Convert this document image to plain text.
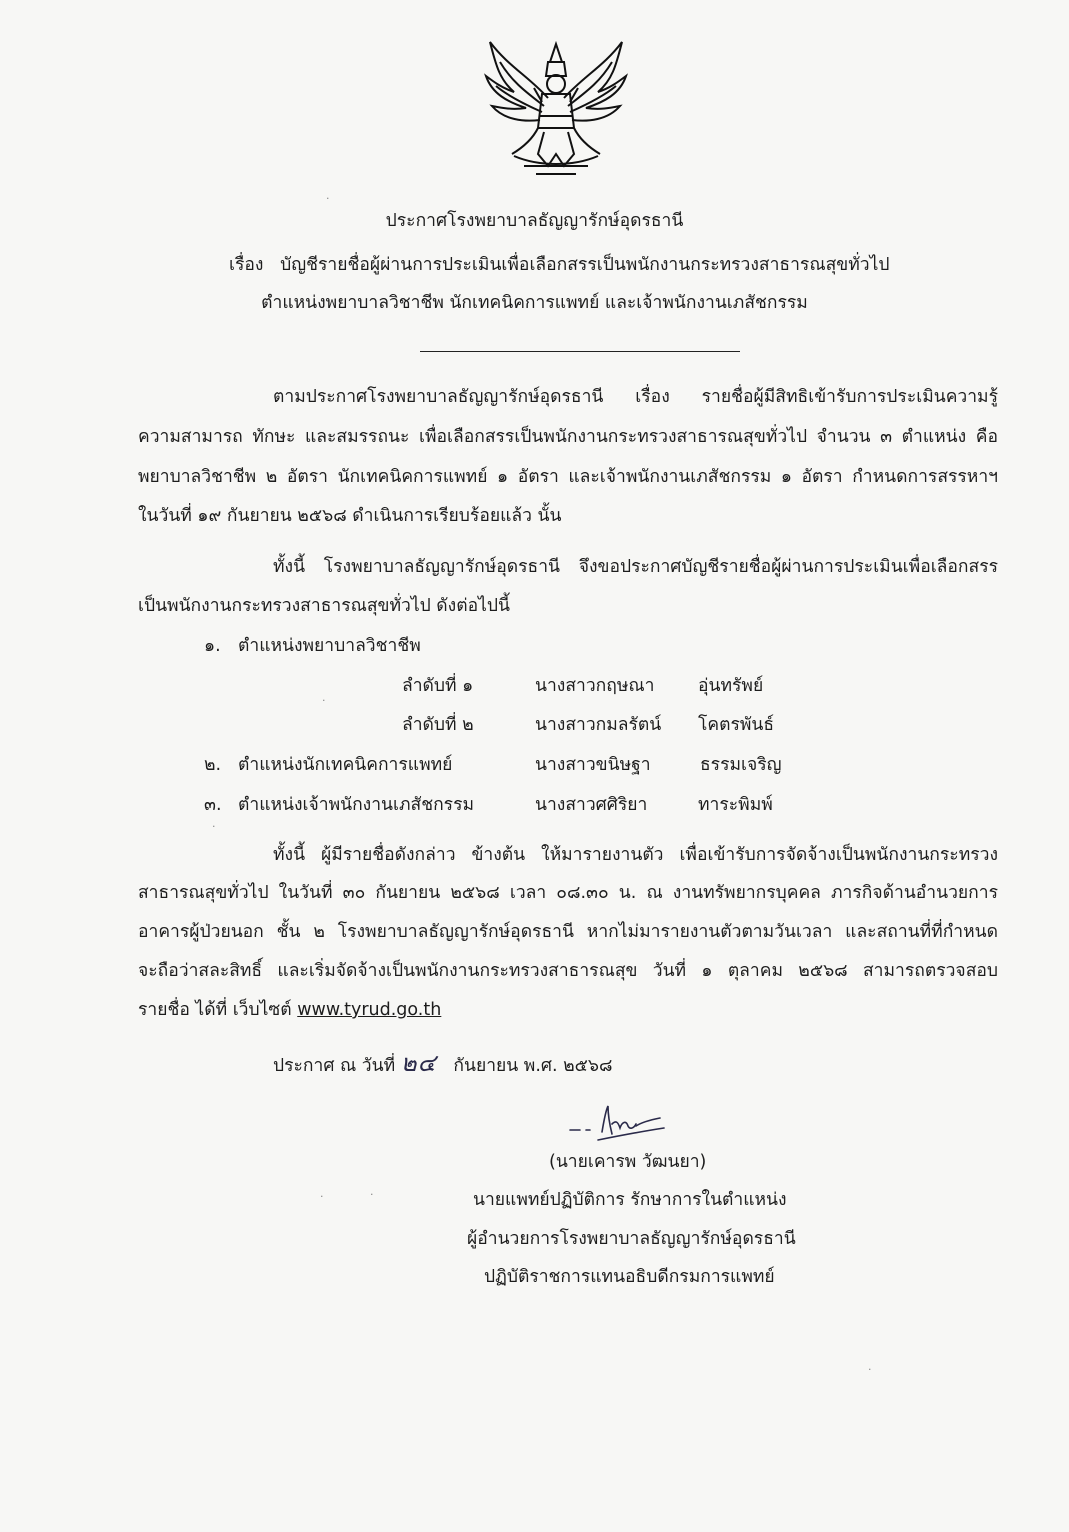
ประกาศโรงพยาบาลธัญญารักษ์อุดรธานี
เรื่อง บัญชีรายชื่อผู้ผ่านการประเมินเพื่อเลือกสรรเป็นพนักงานกระทรวงสาธารณสุขทั่วไป
ตำแหน่งพยาบาลวิชาชีพ นักเทคนิคการแพทย์ และเจ้าพนักงานเภสัชกรรม
ตามประกาศโรงพยาบาลธัญญารักษ์อุดรธานี เรื่อง รายชื่อผู้มีสิทธิเข้ารับการประเมินความรู้
ความสามารถ ทักษะ และสมรรถนะ เพื่อเลือกสรรเป็นพนักงานกระทรวงสาธารณสุขทั่วไป จำนวน ๓ ตำแหน่ง คือ
พยาบาลวิชาชีพ ๒ อัตรา นักเทคนิคการแพทย์ ๑ อัตรา และเจ้าพนักงานเภสัชกรรม ๑ อัตรา กำหนดการสรรหาฯ
ในวันที่ ๑๙ กันยายน ๒๕๖๘ ดำเนินการเรียบร้อยแล้ว นั้น
ทั้งนี้ โรงพยาบาลธัญญารักษ์อุดรธานี จึงขอประกาศบัญชีรายชื่อผู้ผ่านการประเมินเพื่อเลือกสรร
เป็นพนักงานกระทรวงสาธารณสุขทั่วไป ดังต่อไปนี้
๑. ตำแหน่งพยาบาลวิชาชีพ
ลำดับที่ ๑	นางสาวกฤษณา อุ่นทรัพย์
ลำดับที่ ๒	นางสาวกมลรัตน์ โคตรพันธ์
๒. ตำแหน่งนักเทคนิคการแพทย์	นางสาวขนิษฐา	ธรรมเจริญ
๓. ตำแหน่งเจ้าพนักงานเภสัชกรรม	นางสาวศศิริยา	ทาระพิมพ์
ทั้งนี้ ผู้มีรายชื่อดังกล่าว ข้างต้น ให้มารายงานตัว เพื่อเข้ารับการจัดจ้างเป็นพนักงานกระทรวง
สาธารณสุขทั่วไป ในวันที่ ๓๐ กันยายน ๒๕๖๘ เวลา ๐๘.๓๐ น. ณ งานทรัพยากรบุคคล ภารกิจด้านอำนวยการ
อาคารผู้ป่วยนอก ชั้น ๒ โรงพยาบาลธัญญารักษ์อุดรธานี หากไม่มารายงานตัวตามวันเวลา และสถานที่ที่กำหนด
จะถือว่าสละสิทธิ์ และเริ่มจัดจ้างเป็นพนักงานกระทรวงสาธารณสุข วันที่ ๑ ตุลาคม ๒๕๖๘ สามารถตรวจสอบ
รายชื่อ ได้ที่ เว็บไซต์ www.tyrud.go.th
ประกาศ ณ วันที่ ๒๔ กันยายน พ.ศ. ๒๕๖๘
(นายเคารพ วัฒนยา)
นายแพทย์ปฏิบัติการ รักษาการในตำแหน่ง
ผู้อำนวยการโรงพยาบาลธัญญารักษ์อุดรธานี
ปฏิบัติราชการแทนอธิบดีกรมการแพทย์
·
·
·
·	·
·
